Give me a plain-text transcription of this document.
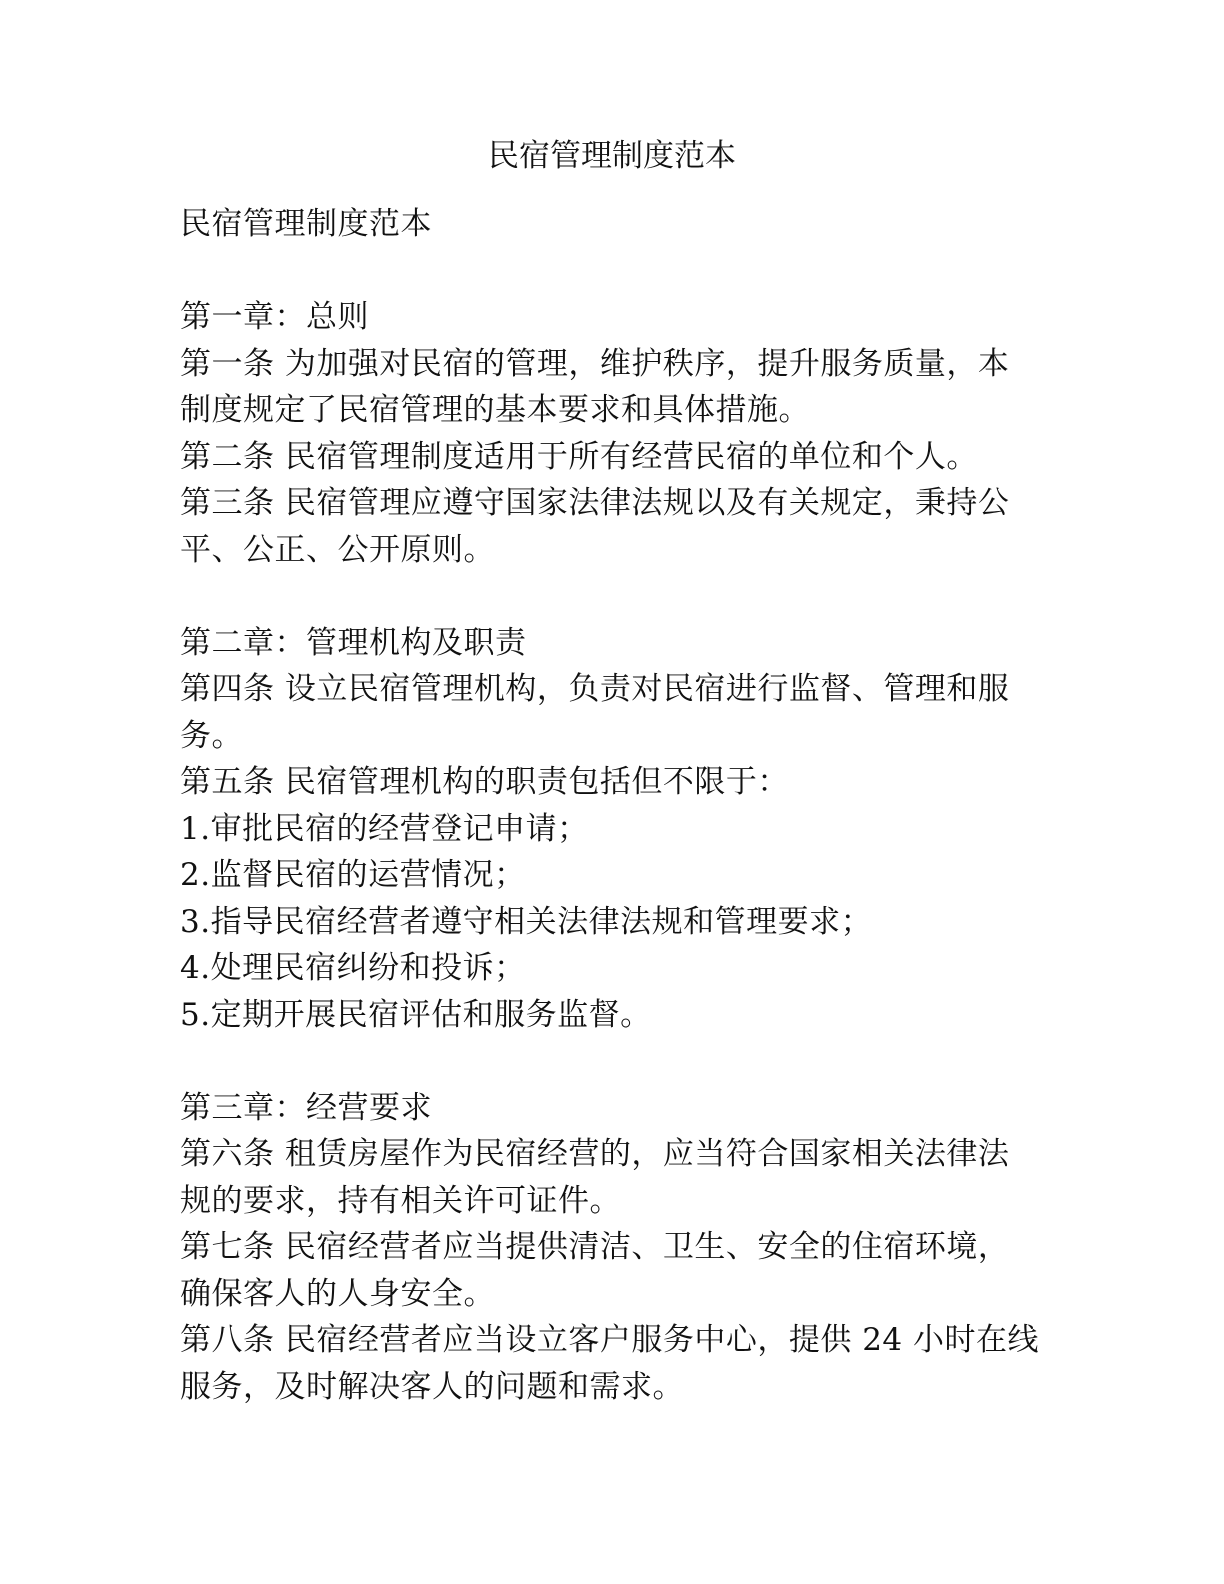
民宿管理制度范本
民宿管理制度范本
第一章：总则
第一条 为加强对民宿的管理，维护秩序，提升服务质量，本
制度规定了民宿管理的基本要求和具体措施。
第二条 民宿管理制度适用于所有经营民宿的单位和个人。
第三条 民宿管理应遵守国家法律法规以及有关规定，秉持公
平、公正、公开原则。
第二章：管理机构及职责
第四条 设立民宿管理机构，负责对民宿进行监督、管理和服
务。
第五条 民宿管理机构的职责包括但不限于：
1.审批民宿的经营登记申请；
2.监督民宿的运营情况；
3.指导民宿经营者遵守相关法律法规和管理要求；
4.处理民宿纠纷和投诉；
5.定期开展民宿评估和服务监督。
第三章：经营要求
第六条 租赁房屋作为民宿经营的，应当符合国家相关法律法
规的要求，持有相关许可证件。
第七条 民宿经营者应当提供清洁、卫生、安全的住宿环境，
确保客人的人身安全。
第八条 民宿经营者应当设立客户服务中心，提供 24 小时在线
服务，及时解决客人的问题和需求。
